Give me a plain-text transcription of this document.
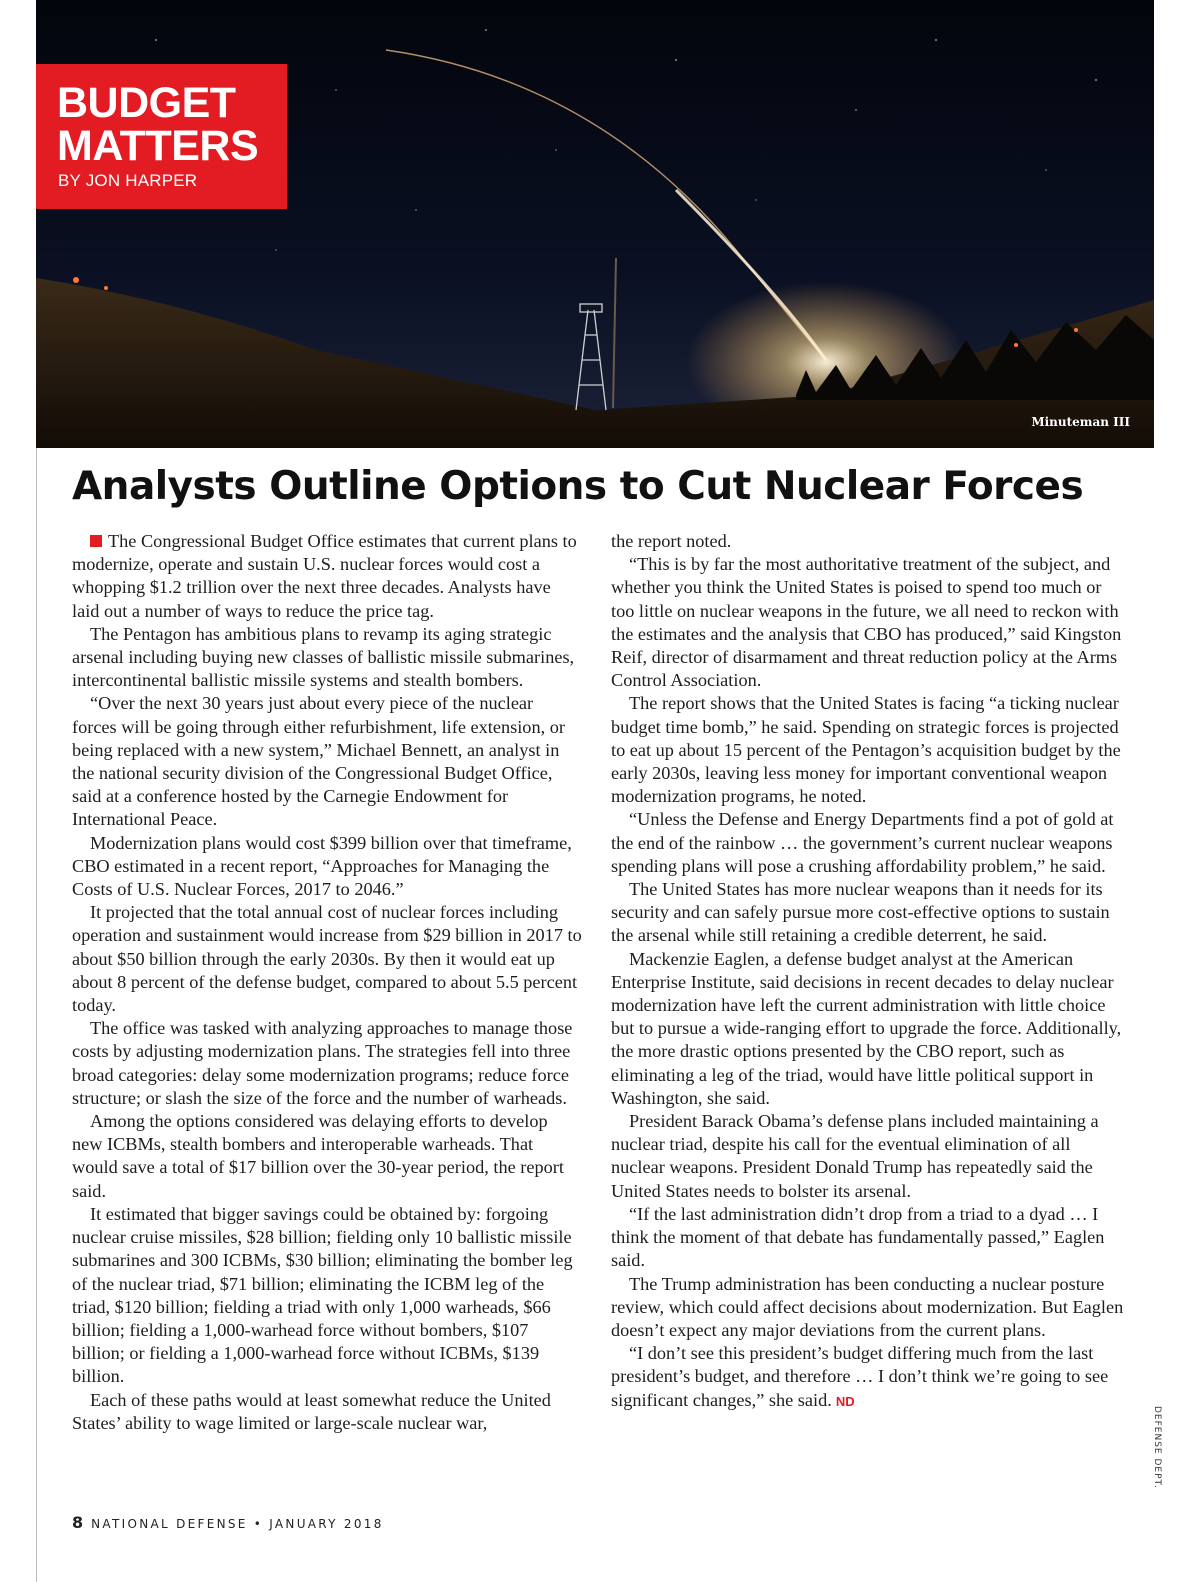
Minuteman III
BUDGET MATTERS
BY JON HARPER
Analysts Outline Options to Cut Nuclear Forces

The Congressional Budget Office estimates that current plans to modernize, operate and sustain U.S. nuclear forces would cost a whopping $1.2 trillion over the next three decades. Analysts have laid out a number of ways to reduce the price tag.

The Pentagon has ambitious plans to revamp its aging strategic arsenal including buying new classes of ballistic missile submarines, intercontinental ballistic missile systems and stealth bombers.

“Over the next 30 years just about every piece of the nuclear forces will be going through either refurbishment, life extension, or being replaced with a new system,” Michael Bennett, an analyst in the national security division of the Congressional Budget Office, said at a conference hosted by the Carnegie Endowment for International Peace.

Modernization plans would cost $399 billion over that timeframe, CBO estimated in a recent report, “Approaches for Managing the Costs of U.S. Nuclear Forces, 2017 to 2046.”

It projected that the total annual cost of nuclear forces including operation and sustainment would increase from $29 billion in 2017 to about $50 billion through the early 2030s. By then it would eat up about 8 percent of the defense budget, compared to about 5.5 percent today.

The office was tasked with analyzing approaches to manage those costs by adjusting modernization plans. The strategies fell into three broad categories: delay some modernization programs; reduce force structure; or slash the size of the force and the number of warheads.

Among the options considered was delaying efforts to develop new ICBMs, stealth bombers and interoperable warheads. That would save a total of $17 billion over the 30-year period, the report said.

It estimated that bigger savings could be obtained by: forgoing nuclear cruise missiles, $28 billion; fielding only 10 ballistic missile submarines and 300 ICBMs, $30 billion; eliminating the bomber leg of the nuclear triad, $71 billion; eliminating the ICBM leg of the triad, $120 billion; fielding a triad with only 1,000 warheads, $66 billion; fielding a 1,000-warhead force without bombers, $107 billion; or fielding a 1,000-warhead force without ICBMs, $139 billion.

Each of these paths would at least somewhat reduce the United States’ ability to wage limited or large-scale nuclear war,

the report noted.

“This is by far the most authoritative treatment of the subject, and whether you think the United States is poised to spend too much or too little on nuclear weapons in the future, we all need to reckon with the estimates and the analysis that CBO has produced,” said Kingston Reif, director of disarmament and threat reduction policy at the Arms Control Association.

The report shows that the United States is facing “a ticking nuclear budget time bomb,” he said. Spending on strategic forces is projected to eat up about 15 percent of the Pentagon’s acquisition budget by the early 2030s, leaving less money for important conventional weapon modernization programs, he noted.

“Unless the Defense and Energy Departments find a pot of gold at the end of the rainbow … the government’s current nuclear weapons spending plans will pose a crushing affordability problem,” he said.

The United States has more nuclear weapons than it needs for its security and can safely pursue more cost-effective options to sustain the arsenal while still retaining a credible deterrent, he said.

Mackenzie Eaglen, a defense budget analyst at the American Enterprise Institute, said decisions in recent decades to delay nuclear modernization have left the current administration with little choice but to pursue a wide-ranging effort to upgrade the force. Additionally, the more drastic options presented by the CBO report, such as eliminating a leg of the triad, would have little political support in Washington, she said.

President Barack Obama’s defense plans included maintaining a nuclear triad, despite his call for the eventual elimination of all nuclear weapons. President Donald Trump has repeatedly said the United States needs to bolster its arsenal.

“If the last administration didn’t drop from a triad to a dyad … I think the moment of that debate has fundamentally passed,” Eaglen said.

The Trump administration has been conducting a nuclear posture review, which could affect decisions about modernization. But Eaglen doesn’t expect any major deviations from the current plans.

“I don’t see this president’s budget differing much from the last president’s budget, and therefore … I don’t think we’re going to see significant changes,” she said. ND

DEFENSE DEPT.
8 NATIONAL DEFENSE • JANUARY 2018
